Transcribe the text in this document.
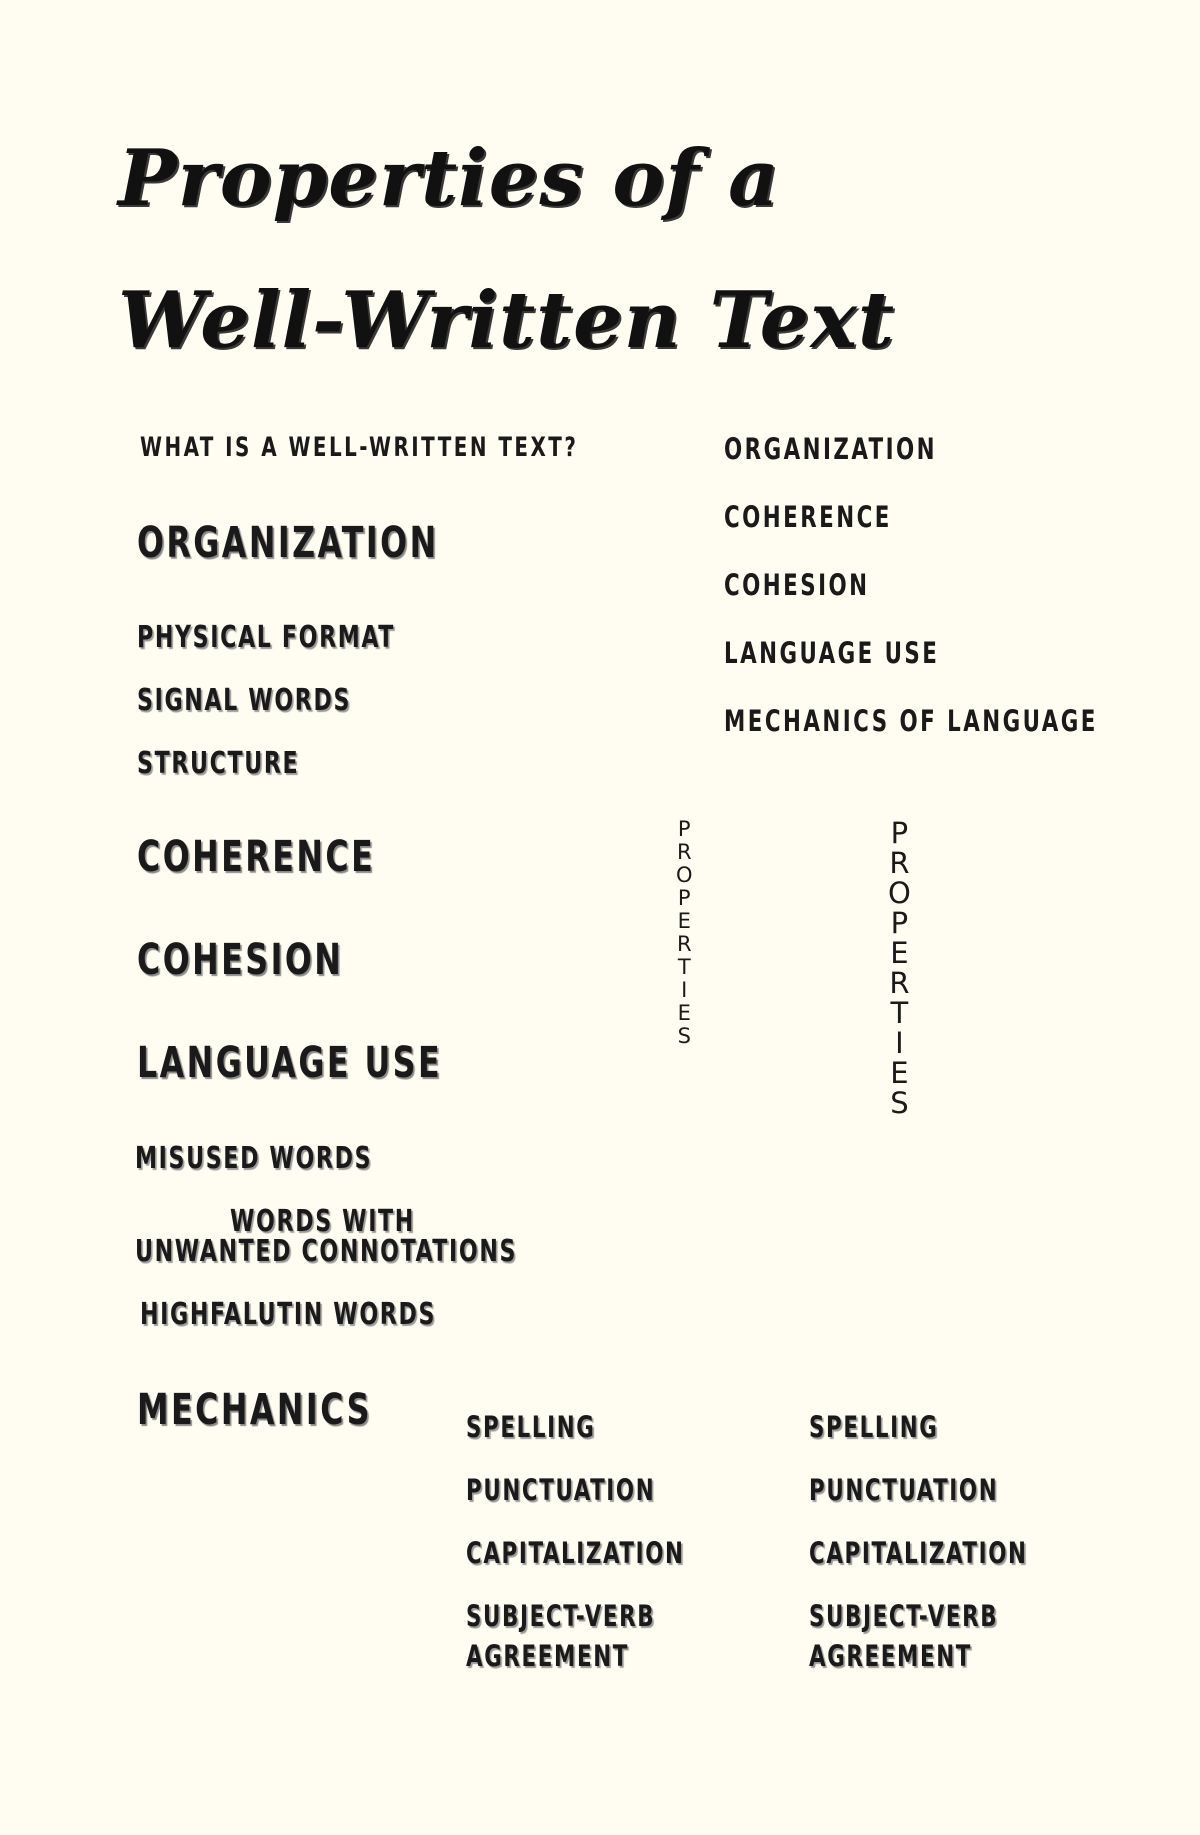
Properties of a
Well-Written Text
WHAT IS A WELL-WRITTEN TEXT?	ORGANIZATION
COHERENCE
COHESION
LANGUAGE USE
MECHANICS OF LANGUAGE
ORGANIZATION
PHYSICAL FORMAT
SIGNAL WORDS
STRUCTURE
COHERENCE
COHESION
LANGUAGE USE
MISUSED WORDS
WORDS WITH
UNWANTED CONNOTATIONS
HIGHFALUTIN WORDS
P
R
O
P
E
R
T
I
E
S
P
R
O
P
E
R
T
I
E
S
MECHANICS	SPELLING
PUNCTUATION
CAPITALIZATION
SUBJECT-VERB
AGREEMENT
SPELLING
PUNCTUATION
CAPITALIZATION
SUBJECT-VERB
AGREEMENT
